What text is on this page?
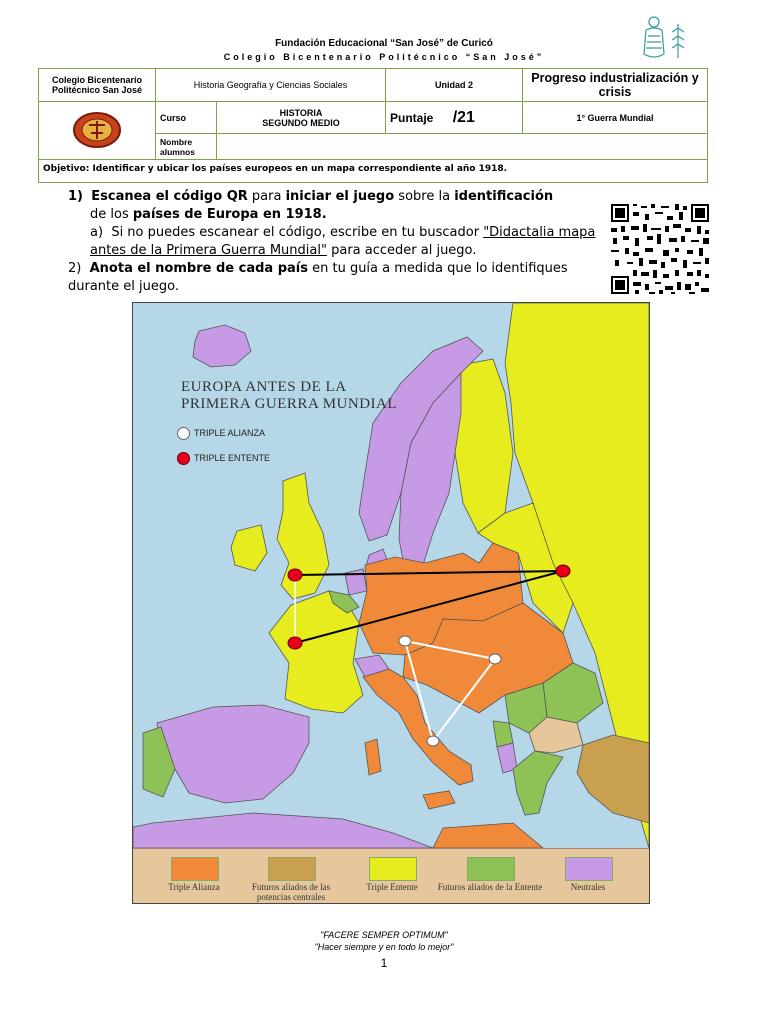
Fundación Educacional “San José” de Curicó
Colegio Bicentenario Politécnico “San José”
Colegio Bicentenario Politécnico San José	Historia Geografía y Ciencias Sociales		Unidad 2	Progreso industrialización y crisis
	Curso	HISTORIA
SEGUNDO MEDIO	Puntaje /21	1° Guerra Mundial
	Nombre alumnos			
Objetivo: Identificar y ubicar los países europeos en un mapa correspondiente al año 1918.				

1) Escanea el código QR para iniciar el juego sobre la identificación

de los países de Europa en 1918.

a) Si no puedes escanear el código, escribe en tu buscador "Didactalia mapa antes de la Primera Guerra Mundial" para acceder al juego.

2) Anota el nombre de cada país en tu guía a medida que lo identifiques durante el juego.

EUROPA ANTES DE LA
PRIMERA GUERRA MUNDIAL
TRIPLE ALIANZA
TRIPLE ENTENTE
Triple Alianza	Futuros aliados de las potencias centrales
Triple Entente	Futuros aliados de la Entente	Neutrales
"FACERE SEMPER OPTIMUM"
"Hacer siempre y en todo lo mejor"
1
